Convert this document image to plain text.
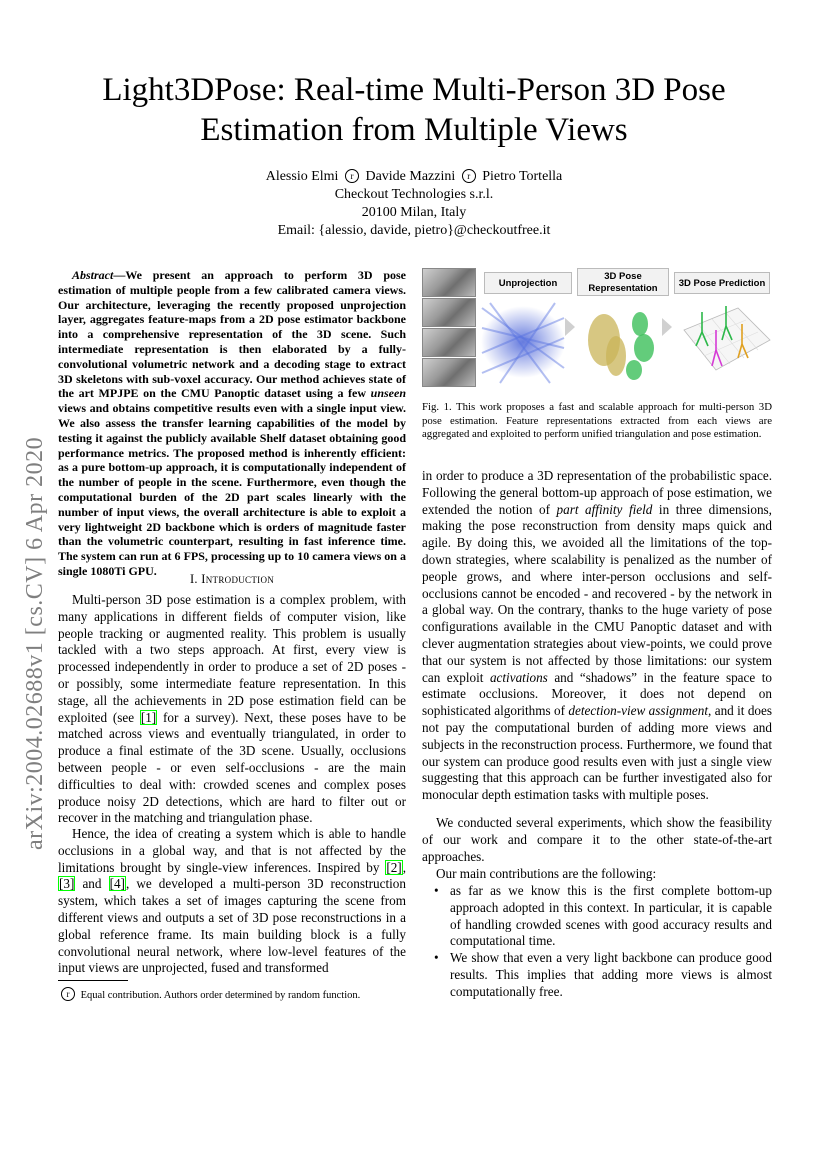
arXiv:2004.02688v1 [cs.CV] 6 Apr 2020
Light3DPose: Real-time Multi-Person 3D Pose Estimation from Multiple Views
Alessio Elmi r Davide Mazzini r Pietro Tortella
Checkout Technologies s.r.l.
20100 Milan, Italy
Email: {alessio, davide, pietro}@checkoutfree.it
Abstract—We present an approach to perform 3D pose estimation of multiple people from a few calibrated camera views. Our architecture, leveraging the recently proposed unprojection layer, aggregates feature-maps from a 2D pose estimator backbone into a comprehensive representation of the 3D scene. Such intermediate representation is then elaborated by a fully-convolutional volumetric network and a decoding stage to extract 3D skeletons with sub-voxel accuracy. Our method achieves state of the art MPJPE on the CMU Panoptic dataset using a few unseen views and obtains competitive results even with a single input view. We also assess the transfer learning capabilities of the model by testing it against the publicly available Shelf dataset obtaining good performance metrics. The proposed method is inherently efficient: as a pure bottom-up approach, it is computationally independent of the number of people in the scene. Furthermore, even though the computational burden of the 2D part scales linearly with the number of input views, the overall architecture is able to exploit a very lightweight 2D backbone which is orders of magnitude faster than the volumetric counterpart, resulting in fast inference time. The system can run at 6 FPS, processing up to 10 camera views on a single 1080Ti GPU.
I. Introduction
Multi-person 3D pose estimation is a complex problem, with many applications in different fields of computer vision, like people tracking or augmented reality. This problem is usually tackled with a two steps approach. At first, every view is processed independently in order to produce a set of 2D poses - or possibly, some intermediate feature representation. In this stage, all the achievements in 2D pose estimation field can be exploited (see [1] for a survey). Next, these poses have to be matched across views and eventually triangulated, in order to produce a final estimate of the 3D scene. Usually, occlusions between people - or even self-occlusions - are the main difficulties to deal with: crowded scenes and complex poses produce noisy 2D detections, which are hard to filter out or recover in the matching and triangulation phase.
Hence, the idea of creating a system which is able to handle occlusions in a global way, and that is not affected by the limitations brought by single-view inferences. Inspired by [2], [3] and [4], we developed a multi-person 3D reconstruction system, which takes a set of images capturing the scene from different views and outputs a set of 3D pose reconstructions in a global reference frame. Its main building block is a fully convolutional neural network, where low-level features of the input views are unprojected, fused and transformed
r Equal contribution. Authors order determined by random function.
Unprojection
3D Pose
Representation	3D Pose Prediction
Fig. 1. This work proposes a fast and scalable approach for multi-person 3D pose estimation. Feature representations extracted from each views are aggregated and exploited to perform unified triangulation and pose estimation.
in order to produce a 3D representation of the probabilistic space. Following the general bottom-up approach of pose estimation, we extended the notion of part affinity field in three dimensions, making the pose reconstruction from density maps quick and agile. By doing this, we avoided all the limitations of the top-down strategies, where scalability is penalized as the number of people grows, and where inter-person occlusions and self-occlusions cannot be encoded - and recovered - by the network in a global way. On the contrary, thanks to the huge variety of pose configurations available in the CMU Panoptic dataset and with clever augmentation strategies about view-points, we could prove that our system is not affected by those limitations: our system can exploit activations and “shadows” in the feature space to estimate occlusions. Moreover, it does not depend on sophisticated algorithms of detection-view assignment, and it does not pay the computational burden of adding more views and subjects in the reconstruction process. Furthermore, we found that our system can produce good results even with just a single view suggesting that this approach can be further investigated also for monocular depth estimation tasks with multiple poses.
We conducted several experiments, which show the feasibility of our work and compare it to the other state-of-the-art approaches.
Our main contributions are the following:
• as far as we know this is the first complete bottom-up approach adopted in this context. In particular, it is capable of handling crowded scenes with good accuracy results and computational time.
• We show that even a very light backbone can produce good results. This implies that adding more views is almost computationally free.
